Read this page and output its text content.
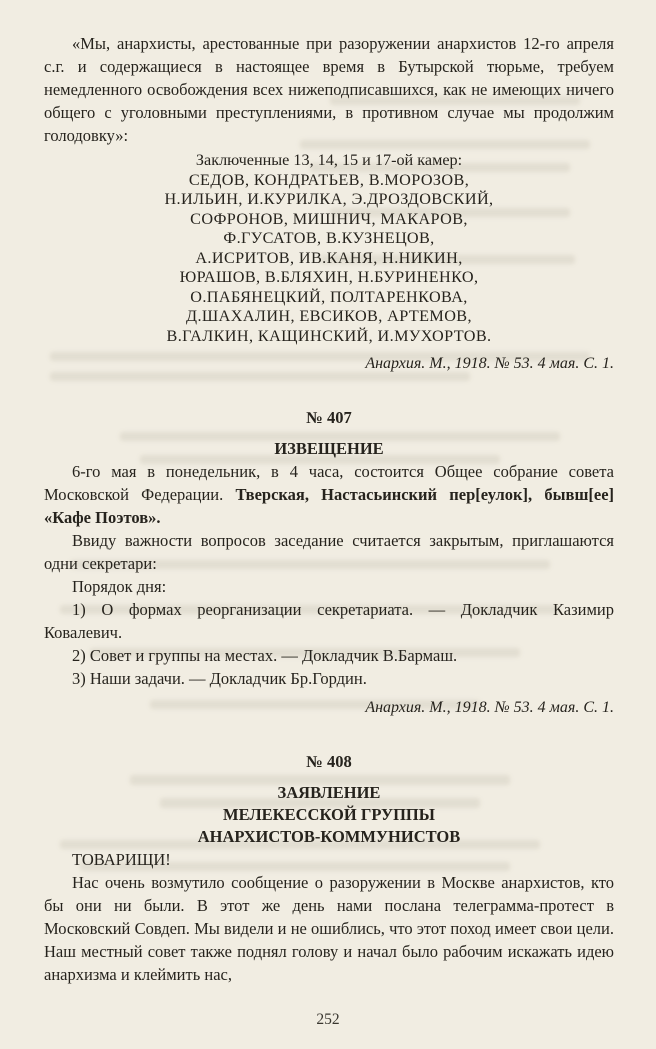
«Мы, анархисты, арестованные при разоружении анархистов 12-го апреля с.г. и содержащиеся в настоящее время в Бутырской тюрьме, требуем немедленного освобождения всех нижеподписавшихся, как не имеющих ничего общего с уголовными преступлениями, в противном случае мы продолжим голодовку»:

Заключенные 13, 14, 15 и 17-ой камер:
СЕДОВ, КОНДРАТЬЕВ, В.МОРОЗОВ,
Н.ИЛЬИН, И.КУРИЛКА, Э.ДРОЗДОВСКИЙ,
СОФРОНОВ, МИШНИЧ, МАКАРОВ,
Ф.ГУСАТОВ, В.КУЗНЕЦОВ,
А.ИСРИТОВ, ИВ.КАНЯ, Н.НИКИН,
ЮРАШОВ, В.БЛЯХИН, Н.БУРИНЕНКО,
О.ПАБЯНЕЦКИЙ, ПОЛТАРЕНКОВА,
Д.ШАХАЛИН, ЕВСИКОВ, АРТЕМОВ,
В.ГАЛКИН, КАЩИНСКИЙ, И.МУХОРТОВ.
Анархия. М., 1918. № 53. 4 мая. С. 1.
№ 407
ИЗВЕЩЕНИЕ

6-го мая в понедельник, в 4 часа, состоится Общее собрание совета Московской Федерации. Тверская, Настасьинский пер[еулок], бывш[ее] «Кафе Поэтов».

Ввиду важности вопросов заседание считается закрытым, приглашаются одни секретари:

Порядок дня:

1) О формах реорганизации секретариата. — Докладчик Казимир Ковалевич.

2) Совет и группы на местах. — Докладчик В.Бармаш.

3) Наши задачи. — Докладчик Бр.Гордин.

Анархия. М., 1918. № 53. 4 мая. С. 1.
№ 408
ЗАЯВЛЕНИЕ
МЕЛЕКЕССКОЙ ГРУППЫ
АНАРХИСТОВ-КОММУНИСТОВ

ТОВАРИЩИ!

Нас очень возмутило сообщение о разоружении в Москве анархистов, кто бы они ни были. В этот же день нами послана телеграмма-протест в Московский Совдеп. Мы видели и не ошиблись, что этот поход имеет свои цели. Наш местный совет также поднял голову и начал было рабочим искажать идею анархизма и клеймить нас,

252
